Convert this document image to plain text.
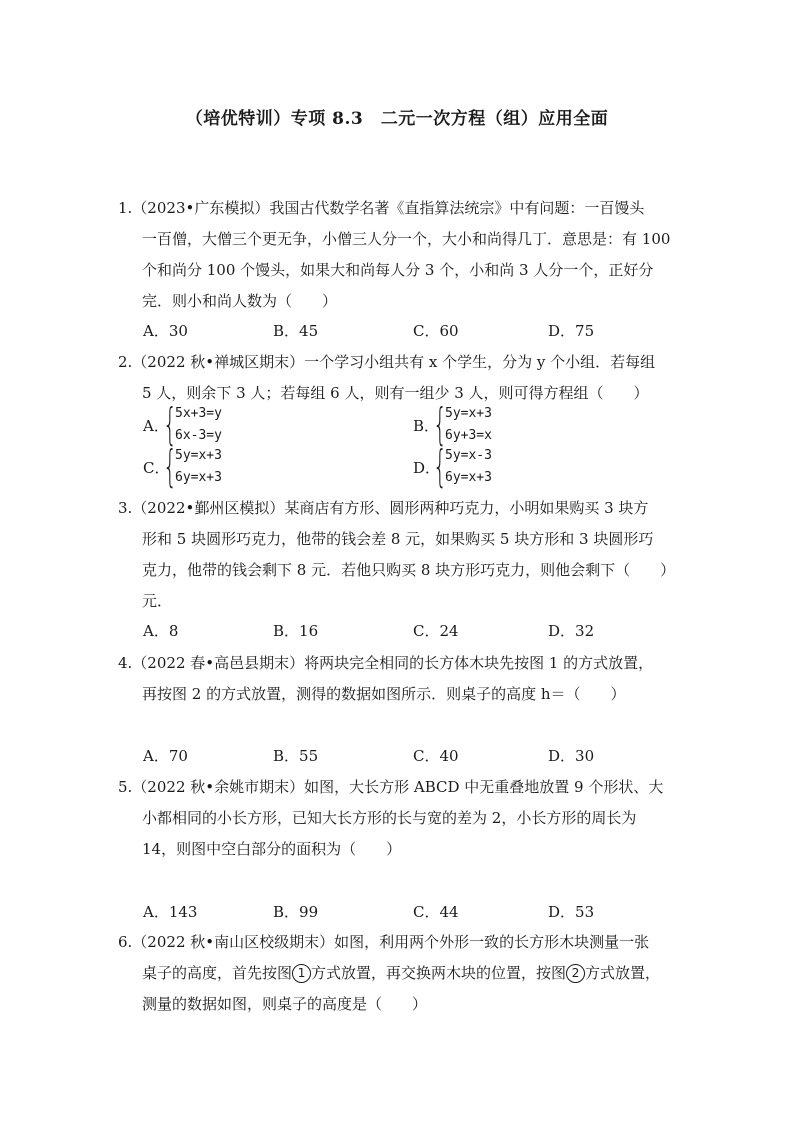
（培优特训）专项 8.3　二元一次方程（组）应用全面
1.（2023•广东模拟）我国古代数学名著《直指算法统宗》中有问题：一百馒头
一百僧，大僧三个更无争，小僧三人分一个，大小和尚得几丁．意思是：有 100
个和尚分 100 个馒头，如果大和尚每人分 3 个，小和尚 3 人分一个，正好分
完．则小和尚人数为（　　）
A．30	B．45	C．60	D．75
2.（2022 秋•禅城区期末）一个学习小组共有 x 个学生，分为 y 个小组．若每组
5 人，则余下 3 人；若每组 6 人，则有一组少 3 人，则可得方程组（　　）
A．
{
5x+3=y
6x-3=y
B．
{
5y=x+3
6y+3=x
C．
{
5y=x+3
6y=x+3
D．
{
5y=x-3
6y=x+3
3.（2022•鄞州区模拟）某商店有方形、圆形两种巧克力，小明如果购买 3 块方
形和 5 块圆形巧克力，他带的钱会差 8 元，如果购买 5 块方形和 3 块圆形巧
克力，他带的钱会剩下 8 元．若他只购买 8 块方形巧克力，则他会剩下（　　）
元．
A．8	B．16	C．24	D．32
4.（2022 春•高邑县期末）将两块完全相同的长方体木块先按图 1 的方式放置，
再按图 2 的方式放置，测得的数据如图所示．则桌子的高度 h＝（　　）
A．70	B．55	C．40	D．30
5.（2022 秋•余姚市期末）如图，大长方形 ABCD 中无重叠地放置 9 个形状、大
小都相同的小长方形，已知大长方形的长与宽的差为 2，小长方形的周长为
14，则图中空白部分的面积为（　　）
A．143	B．99	C．44	D．53
6.（2022 秋•南山区校级期末）如图，利用两个外形一致的长方形木块测量一张
桌子的高度，首先按图 1 方式放置，再交换两木块的位置，按图 2 方式放置，
测量的数据如图，则桌子的高度是（　　）
